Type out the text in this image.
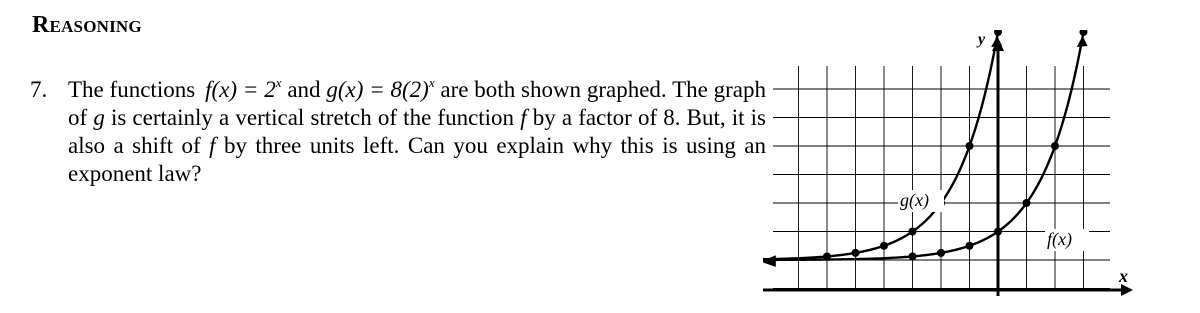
Reasoning
7. The functions $f(x) = 2^x$ and $g(x) = 8(2)^x$ are both shown graphed. The graph of g is certainly a vertical stretch of the function f by a factor of 8. But, it is also a shift of f by three units left. Can you explain why this is using an exponent law?
y
x
g(x)
f(x)
